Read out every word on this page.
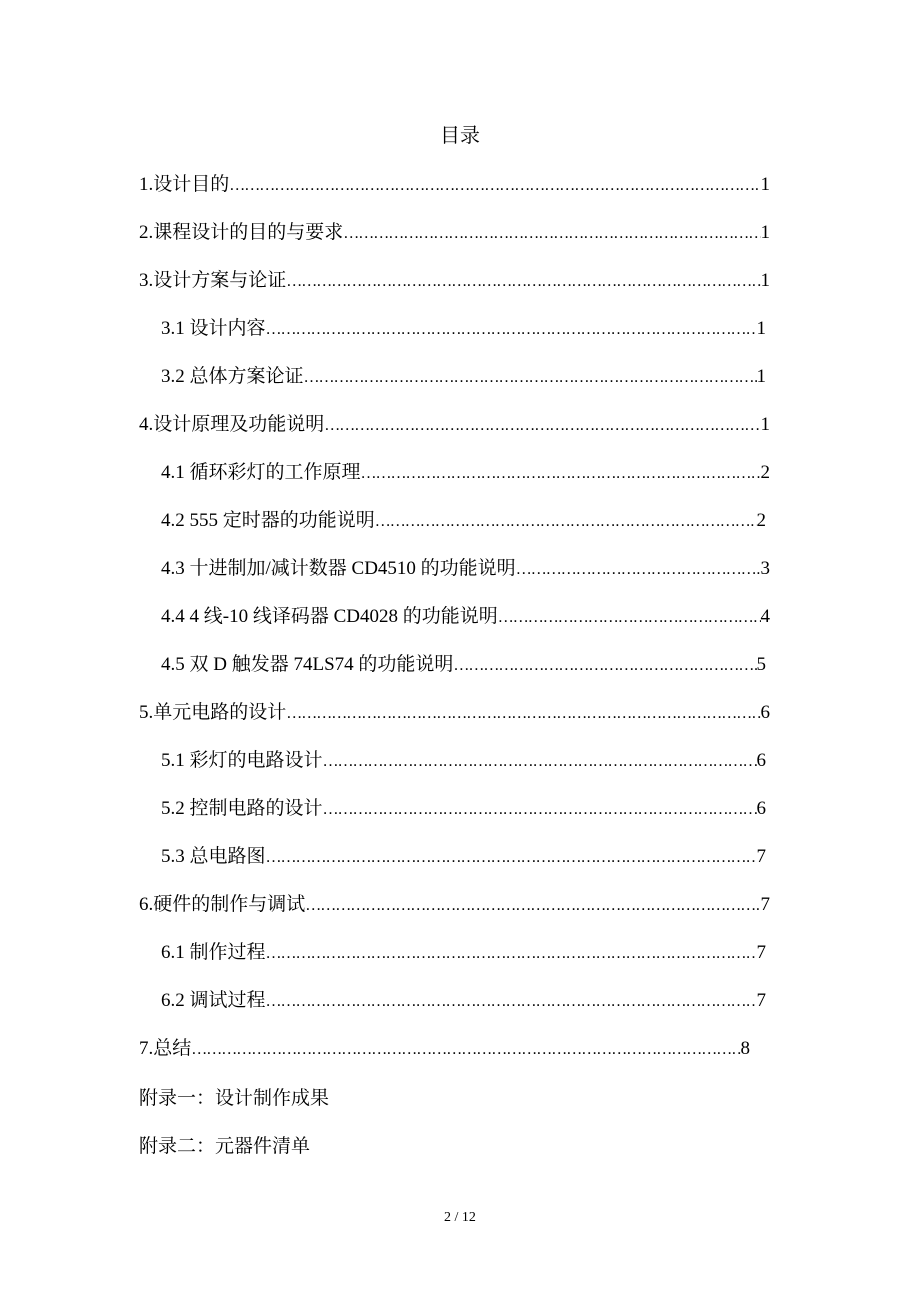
目录
1.设计目的 …………………………………………………………………………………………………………………………………………………………………………………………………………	1
2.课程设计的目的与要求 …………………………………………………………………………………………………………………………………………………………………………………………………………	1
3.设计方案与论证 …………………………………………………………………………………………………………………………………………………………………………………………………………	1
3.1 设计内容 …………………………………………………………………………………………………………………………………………………………………………………………………………	1
3.2 总体方案论证 …………………………………………………………………………………………………………………………………………………………………………………………………………	1
4.设计原理及功能说明 …………………………………………………………………………………………………………………………………………………………………………………………………………	1
4.1 循环彩灯的工作原理 …………………………………………………………………………………………………………………………………………………………………………………………………………	2
4.2 555 定时器的功能说明 …………………………………………………………………………………………………………………………………………………………………………………………………………	2
4.3 十进制加/减计数器 CD4510 的功能说明 …………………………………………………………………………………………………………………………………………………………………………………………………………	3
4.4 4 线-10 线译码器 CD4028 的功能说明 …………………………………………………………………………………………………………………………………………………………………………………………………………	4
4.5 双 D 触发器 74LS74 的功能说明 …………………………………………………………………………………………………………………………………………………………………………………………………………	5
5.单元电路的设计 …………………………………………………………………………………………………………………………………………………………………………………………………………	6
5.1 彩灯的电路设计 …………………………………………………………………………………………………………………………………………………………………………………………………………	6
5.2 控制电路的设计 …………………………………………………………………………………………………………………………………………………………………………………………………………	6
5.3 总电路图 …………………………………………………………………………………………………………………………………………………………………………………………………………	7
6.硬件的制作与调试 …………………………………………………………………………………………………………………………………………………………………………………………………………	7
6.1 制作过程 …………………………………………………………………………………………………………………………………………………………………………………………………………	7
6.2 调试过程 …………………………………………………………………………………………………………………………………………………………………………………………………………	7
7.总结 …………………………………………………………………………………………………………………………………………………………………………………………………………	8
附录一：设计制作成果
附录二：元器件清单
2 / 12
